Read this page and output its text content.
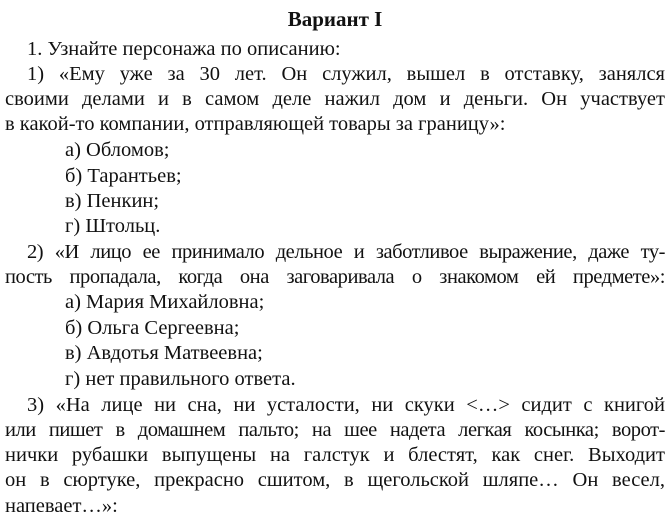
Вариант I
1. Узнайте персонажа по описанию:
1) «Ему уже за 30 лет. Он служил, вышел в отставку, занялся
своими делами и в самом деле нажил дом и деньги. Он участвует
в какой-то компании, отправляющей товары за границу»:
а) Обломов;
б) Тарантьев;
в) Пенкин;
г) Штольц.
2) «И лицо ее принимало дельное и заботливое выражение, даже ту-
пость пропадала, когда она заговаривала о знакомом ей предмете»:
а) Мария Михайловна;
б) Ольга Сергеевна;
в) Авдотья Матвеевна;
г) нет правильного ответа.
3) «На лице ни сна, ни усталости, ни скуки <…> сидит с книгой
или пишет в домашнем пальто; на шее надета легкая косынка; ворот-
нички рубашки выпущены на галстук и блестят, как снег. Выходит
он в сюртуке, прекрасно сшитом, в щегольской шляпе… Он весел,
напевает…»:
